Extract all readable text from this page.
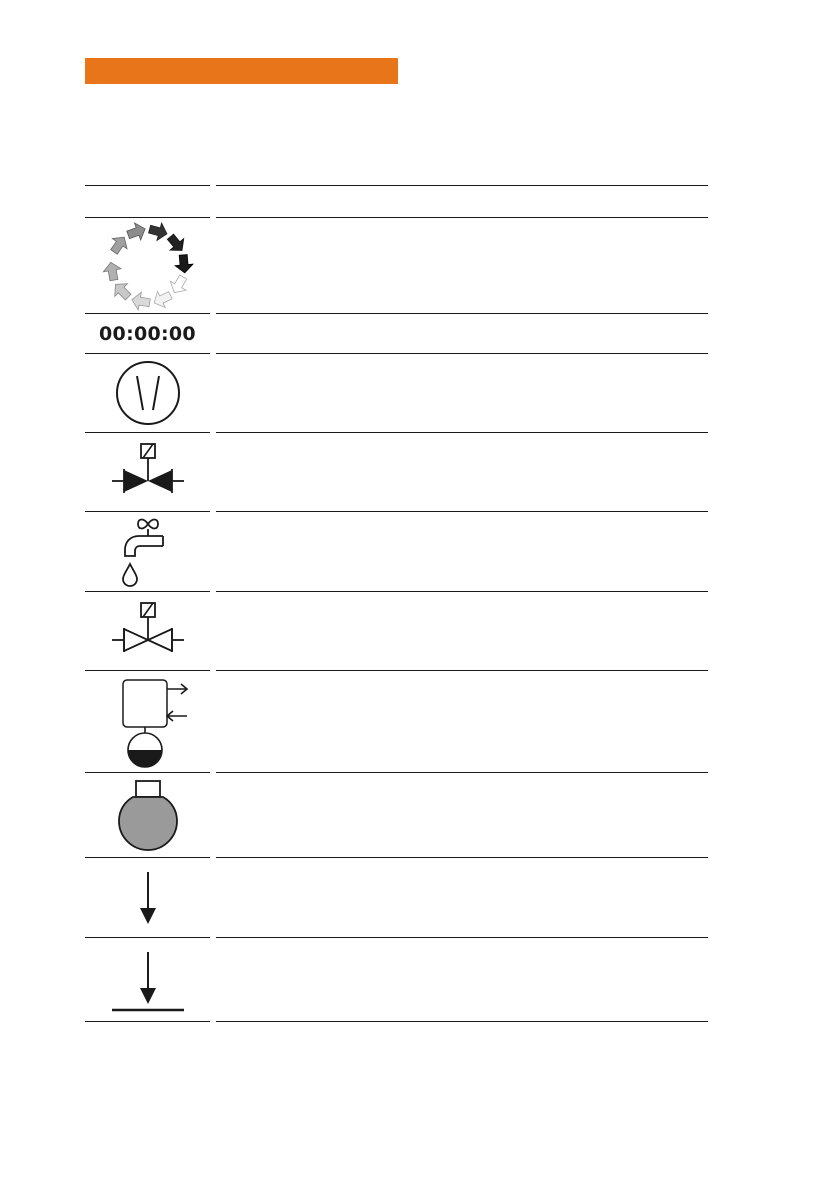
00:00:00
